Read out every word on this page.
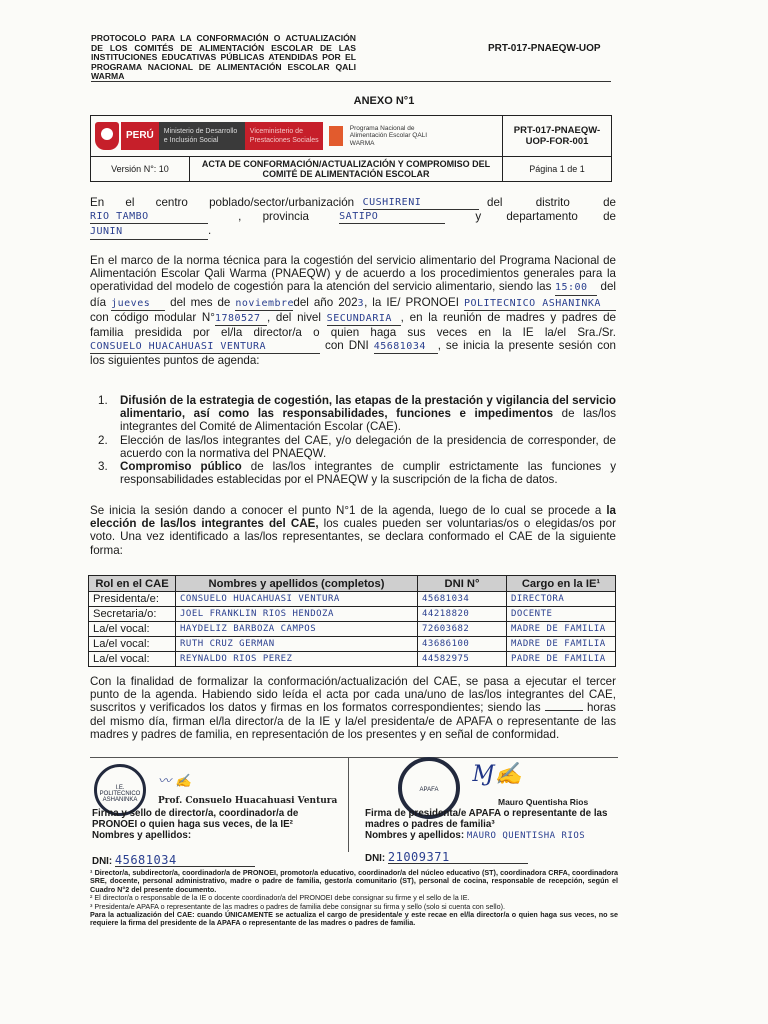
PROTOCOLO PARA LA CONFORMACIÓN O ACTUALIZACIÓN DE LOS COMITÉS DE ALIMENTACIÓN ESCOLAR DE LAS INSTITUCIONES EDUCATIVAS PÚBLICAS ATENDIDAS POR EL PROGRAMA NACIONAL DE ALIMENTACIÓN ESCOLAR QALI WARMA
PRT-017-PNAEQW-UOP
ANEXO N°1
PERÚ Ministerio de Desarrollo e Inclusión Social
Viceministerio de Prestaciones Sociales
Programa Nacional de Alimentación Escolar QALI WARMA		PRT-017-PNAEQW-UOP-FOR-001
Versión N°: 10	ACTA DE CONFORMACIÓN/ACTUALIZACIÓN Y COMPROMISO DEL COMITÉ DE ALIMENTACIÓN ESCOLAR	Página 1 de 1
En el centro poblado/sector/urbanización CUSHIRENI	del distrito de
RIO TAMBO	, provincia	SATIPO	y departamento de
JUNIN	.
En el marco de la norma técnica para la cogestión del servicio alimentario del Programa Nacional de Alimentación Escolar Qali Warma (PNAEQW) y de acuerdo a los procedimientos generales para la operatividad del modelo de cogestión para la atención del servicio alimentario, siendo las 15:00 del día jueves del mes de noviembredel año 2023, la IE/ PRONOEI POLITECNICO ASHANINKA con código modular N°1780527 , del nivel SECUNDARIA , en la reunión de madres y padres de familia presidida por el/la director/a o quien haga sus veces en la IE la/el Sra./Sr. CONSUELO HUACAHUASI VENTURA	con DNI 45681034 , se inicia la presente sesión con los siguientes puntos de agenda:
1. Difusión de la estrategia de cogestión, las etapas de la prestación y vigilancia del servicio alimentario, así como las responsabilidades, funciones e impedimentos de las/los integrantes del Comité de Alimentación Escolar (CAE).
2. Elección de las/los integrantes del CAE, y/o delegación de la presidencia de corresponder, de acuerdo con la normativa del PNAEQW.
3. Compromiso público de las/los integrantes de cumplir estrictamente las funciones y responsabilidades establecidas por el PNAEQW y la suscripción de la ficha de datos.
Se inicia la sesión dando a conocer el punto N°1 de la agenda, luego de lo cual se procede a la elección de las/los integrantes del CAE, los cuales pueden ser voluntarias/os o elegidas/os por voto. Una vez identificado a las/los representantes, se declara conformado el CAE de la siguiente forma:
Rol en el CAE	Nombres y apellidos (completos)	DNI N°	Cargo en la IE¹
Presidenta/e:	CONSUELO HUACAHUASI VENTURA	45681034	DIRECTORA
Secretaria/o:	JOEL FRANKLIN RIOS HENDOZA	44218820	DOCENTE
La/el vocal:	HAYDELIZ BARBOZA CAMPOS	72603682	MADRE DE FAMILIA
La/el vocal:	RUTH CRUZ GERMAN	43686100	MADRE DE FAMILIA
La/el vocal:	REYNALDO RIOS PEREZ	44582975	PADRE DE FAMILIA
Con la finalidad de formalizar la conformación/actualización del CAE, se pasa a ejecutar el tercer punto de la agenda. Habiendo sido leída el acta por cada una/uno de las/los integrantes del CAE, suscritos y verificados los datos y firmas en los formatos correspondientes; siendo las	horas del mismo día, firman el/la director/a de la IE y la/el presidenta/e de APAFA o representante de las madres y padres de familia, en representación de los presentes y en señal de conformidad.
I.E. POLITECNICO ASHANINKA
〰 ✍
Prof. Consuelo Huacahuasi Ventura
Firma y sello de director/a, coordinador/a de PRONOEI o quien haga sus veces, de la IE²
Nombres y apellidos:
DNI: 45681034
APAFA
Ɱ✍
Mauro Quentisha Rios
Firma de presidenta/e APAFA o representante de las madres o padres de familia³
Nombres y apellidos: MAURO QUENTISHA RIOS
DNI: 21009371

¹ Director/a, subdirector/a, coordinador/a de PRONOEI, promotor/a educativo, coordinador/a del núcleo educativo (ST), coordinadora CRFA, coordinadora SRE, docente, personal administrativo, madre o padre de familia, gestor/a comunitario (ST), personal de cocina, responsable de recepción, según el Cuadro N°2 del presente documento.

² El director/a o responsable de la IE o docente coordinador/a del PRONOEI debe consignar su firme y el sello de la IE.

³ Presidenta/e APAFA o representante de las madres o padres de familia debe consignar su firma y sello (solo si cuenta con sello).

Para la actualización del CAE: cuando ÚNICAMENTE se actualiza el cargo de presidenta/e y este recae en el/la director/a o quien haga sus veces, no se requiere la firma del presidente de la APAFA o representante de las madres o padres de familia.
